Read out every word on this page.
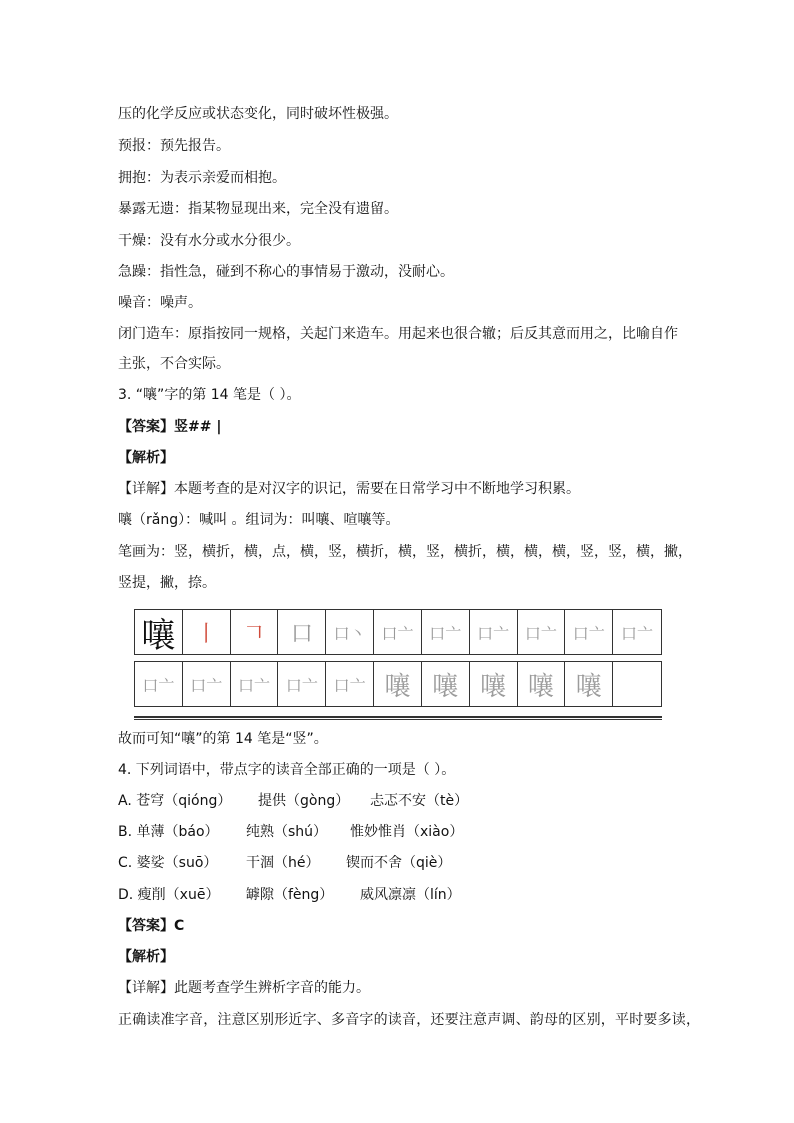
压的化学反应或状态变化，同时破坏性极强。
预报：预先报告。
拥抱：为表示亲爱而相抱。
暴露无遗：指某物显现出来，完全没有遗留。
干燥：没有水分或水分很少。
急躁：指性急，碰到不称心的事情易于激动，没耐心。
噪音：噪声。
闭门造车：原指按同一规格，关起门来造车。用起来也很合辙；后反其意而用之，比喻自作
主张，不合实际。
3. “嚷”字的第 14 笔是（ ）。
【答案】竖## |
【解析】
【详解】本题考查的是对汉字的识记，需要在日常学习中不断地学习积累。
嚷（rǎng）：喊叫 。组词为：叫嚷、喧嚷等。
笔画为：竖，横折，横，点，横，竖，横折，横，竖，横折，横，横，横，竖，竖，横，撇，
竖提，撇，捺。
嚷 丨 𠃍 口 口丶 口亠 口亠 口亠 口亠 口亠 口亠
口亠 口亠 口亠 口亠 口亠 嚷 嚷 嚷 嚷 嚷
故而可知“嚷”的第 14 笔是“竖”。
4. 下列词语中，带点字的读音全部正确的一项是（ ）。
A. 苍穹（qióng） 提供（gòng） 忐忑不安（tè）
B. 单薄（báo） 纯熟（shú） 惟妙惟肖（xiào）
C. 婆娑（suō） 干涸（hé） 锲而不舍（qiè）
D. 瘦削（xuē） 罅隙（fèng） 威风凛凛（lín）
【答案】C
【解析】
【详解】此题考查学生辨析字音的能力。
正确读准字音，注意区别形近字、多音字的读音，还要注意声调、韵母的区别，平时要多读，
